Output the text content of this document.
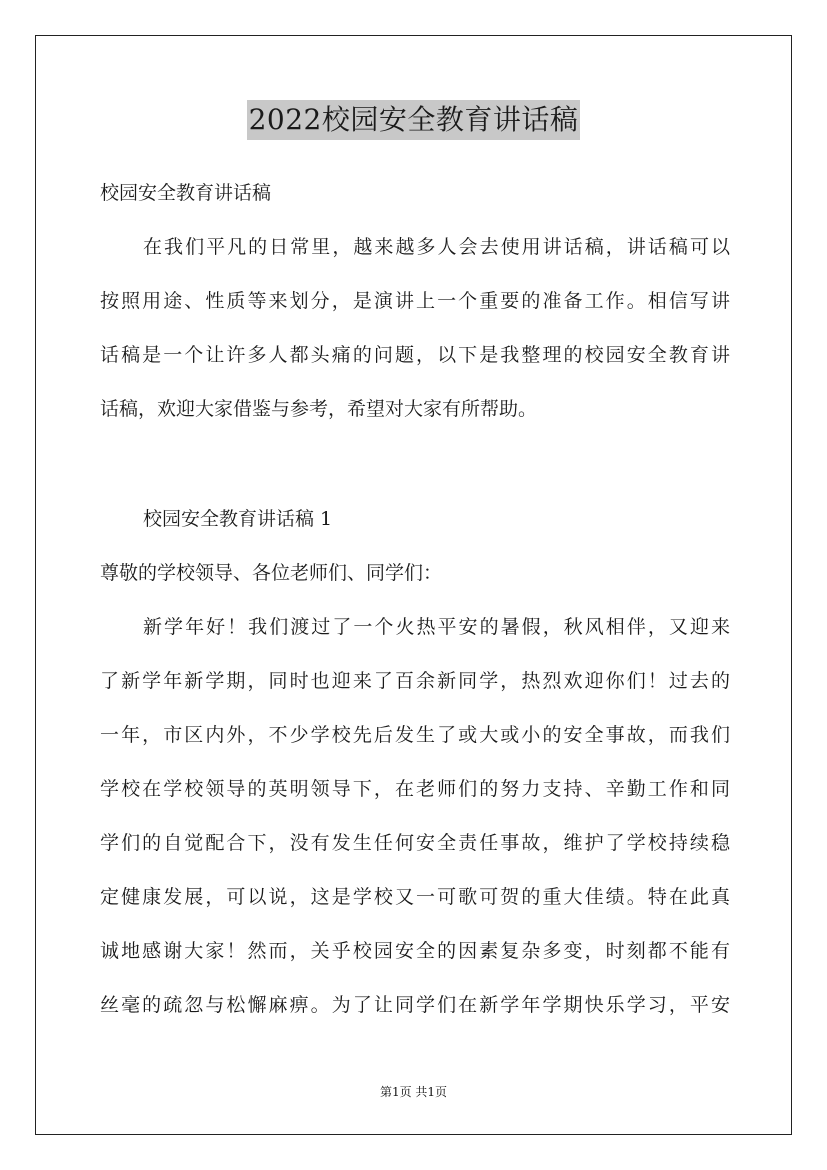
2022校园安全教育讲话稿
校园安全教育讲话稿
在我们平凡的日常里，越来越多人会去使用讲话稿，讲话稿可以
按照用途、性质等来划分，是演讲上一个重要的准备工作。相信写讲
话稿是一个让许多人都头痛的问题，以下是我整理的校园安全教育讲
话稿，欢迎大家借鉴与参考，希望对大家有所帮助。
校园安全教育讲话稿 1
尊敬的学校领导、各位老师们、同学们：
新学年好！我们渡过了一个火热平安的暑假，秋风相伴，又迎来
了新学年新学期，同时也迎来了百余新同学，热烈欢迎你们！过去的
一年，市区内外，不少学校先后发生了或大或小的安全事故，而我们
学校在学校领导的英明领导下，在老师们的努力支持、辛勤工作和同
学们的自觉配合下，没有发生任何安全责任事故，维护了学校持续稳
定健康发展，可以说，这是学校又一可歌可贺的重大佳绩。特在此真
诚地感谢大家！然而，关乎校园安全的因素复杂多变，时刻都不能有
丝毫的疏忽与松懈麻痹。为了让同学们在新学年学期快乐学习，平安
第1页 共1页
